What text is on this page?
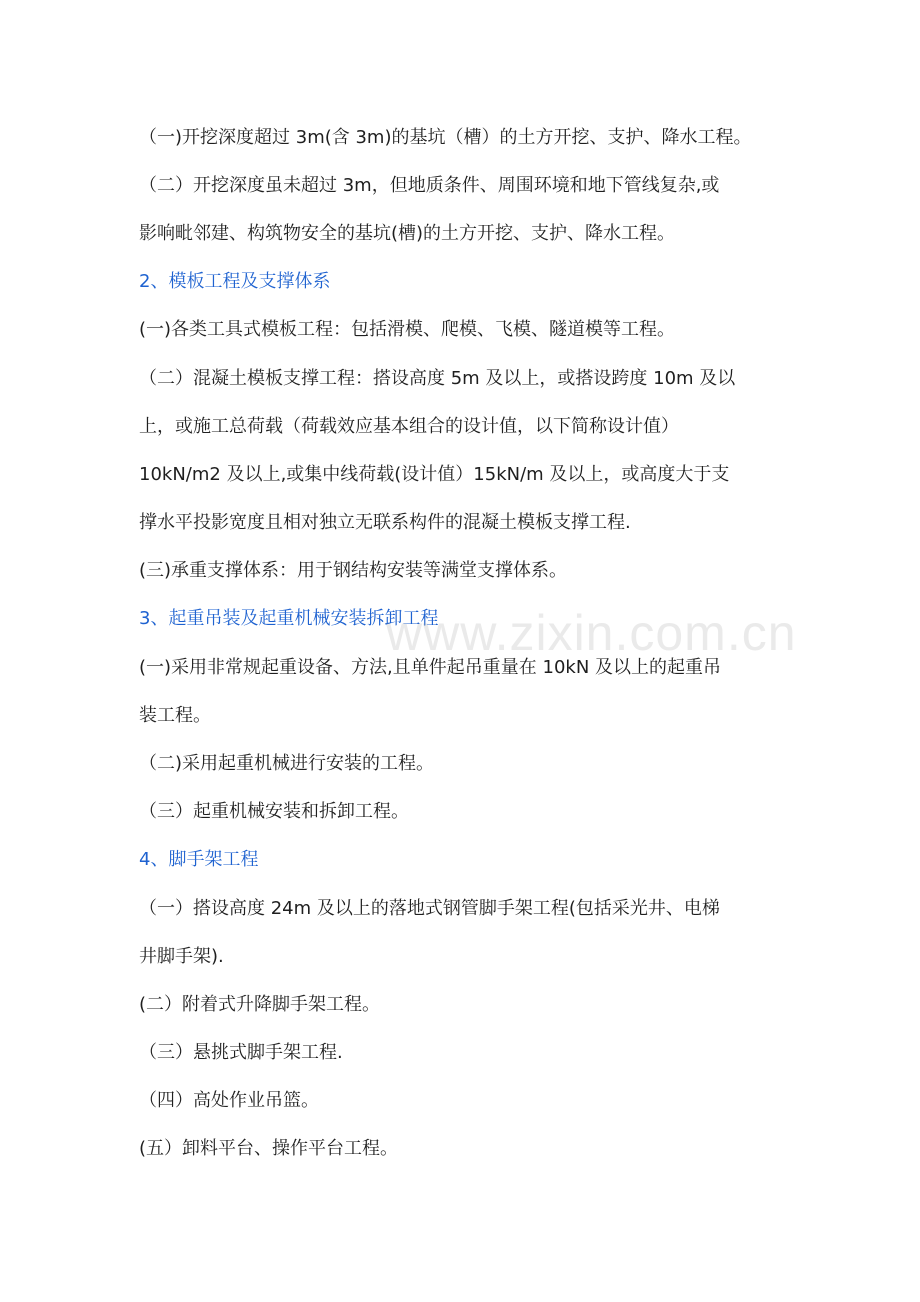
（一)开挖深度超过 3m(含 3m)的基坑（槽）的土方开挖、支护、降水工程。
（二）开挖深度虽未超过 3m，但地质条件、周围环境和地下管线复杂,或
影响毗邻建、构筑物安全的基坑(槽)的土方开挖、支护、降水工程。
2、模板工程及支撑体系
(一)各类工具式模板工程：包括滑模、爬模、飞模、隧道模等工程。
（二）混凝土模板支撑工程：搭设高度 5m 及以上，或搭设跨度 10m 及以
上，或施工总荷载（荷载效应基本组合的设计值，以下简称设计值）
10kN/m2 及以上,或集中线荷载(设计值）15kN/m 及以上，或高度大于支
撑水平投影宽度且相对独立无联系构件的混凝土模板支撑工程.
(三)承重支撑体系：用于钢结构安装等满堂支撑体系。
3、起重吊装及起重机械安装拆卸工程
(一)采用非常规起重设备、方法,且单件起吊重量在 10kN 及以上的起重吊
装工程。
（二)采用起重机械进行安装的工程。
（三）起重机械安装和拆卸工程。
4、脚手架工程
（一）搭设高度 24m 及以上的落地式钢管脚手架工程(包括采光井、电梯
井脚手架).
(二）附着式升降脚手架工程。
（三）悬挑式脚手架工程.
（四）高处作业吊篮。
(五）卸料平台、操作平台工程。
www.zixin.com.cn
